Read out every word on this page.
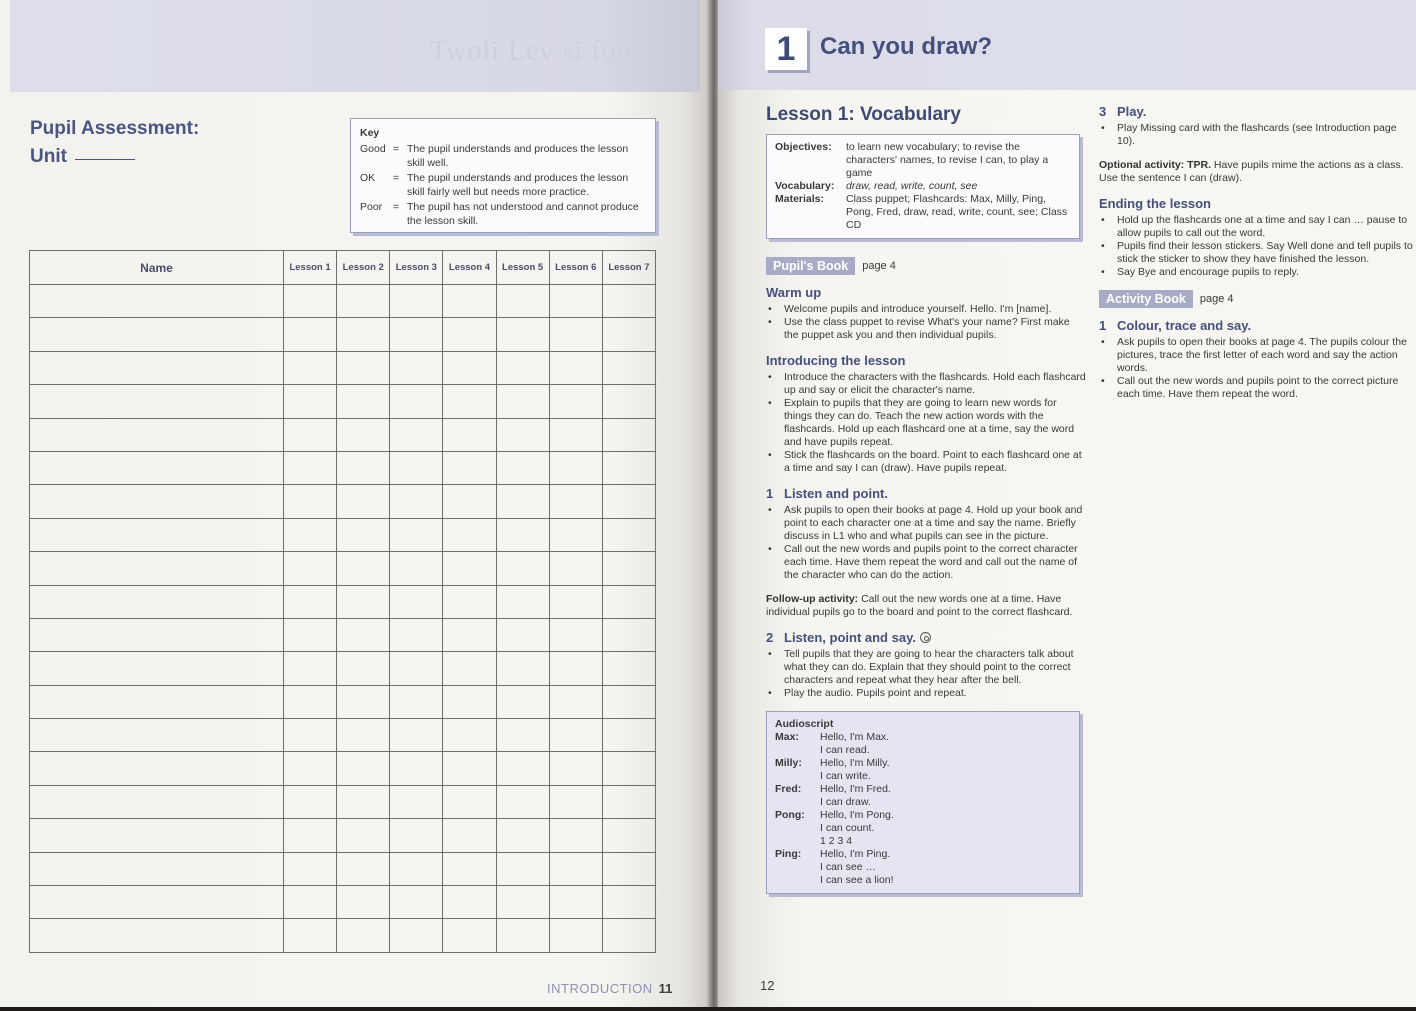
Twoli Lev si fon
Pupil Assessment:
Unit
Key
Good = The pupil understands and produces the lesson skill well.
OK	= The pupil understands and produces the lesson skill fairly well but needs more practice.
Poor	= The pupil has not understood and cannot produce the lesson skill.
Name	Lesson 1	Lesson 2	Lesson 3	Lesson 4	Lesson 5	Lesson 6	Lesson 7

INTRODUCTION 11
1	Can you draw?
Lesson 1: Vocabulary
Objectives:	to learn new vocabulary; to revise the characters' names, to revise I can, to play a game
Vocabulary:	draw, read, write, count, see
Materials:	Class puppet; Flashcards: Max, Milly, Ping, Pong, Fred, draw, read, write, count, see; Class CD
Pupil's Book	page 4
Warm up
• Welcome pupils and introduce yourself. Hello. I'm [name].
• Use the class puppet to revise What's your name? First make the puppet ask you and then individual pupils.
Introducing the lesson
• Introduce the characters with the flashcards. Hold each flashcard up and say or elicit the character's name.
• Explain to pupils that they are going to learn new words for things they can do. Teach the new action words with the flashcards. Hold up each flashcard one at a time, say the word and have pupils repeat.
• Stick the flashcards on the board. Point to each flashcard one at a time and say I can (draw). Have pupils repeat.
1 Listen and point.
• Ask pupils to open their books at page 4. Hold up your book and point to each character one at a time and say the name. Briefly discuss in L1 who and what pupils can see in the picture.
• Call out the new words and pupils point to the correct character each time. Have them repeat the word and call out the name of the character who can do the action.
Follow-up activity: Call out the new words one at a time. Have individual pupils go to the board and point to the correct flashcard.
2 Listen, point and say.
• Tell pupils that they are going to hear the characters talk about what they can do. Explain that they should point to the correct characters and repeat what they hear after the bell.
• Play the audio. Pupils point and repeat.
Audioscript
Max:	Hello, I'm Max.
I can read.
Milly:	Hello, I'm Milly.
I can write.
Fred:	Hello, I'm Fred.
I can draw.
Pong:	Hello, I'm Pong.
I can count.
1 2 3 4
Ping:	Hello, I'm Ping.
I can see …
I can see a lion!
3 Play.
• Play Missing card with the flashcards (see Introduction page 10).
Optional activity: TPR. Have pupils mime the actions as a class. Use the sentence I can (draw).
Ending the lesson
• Hold up the flashcards one at a time and say I can … pause to allow pupils to call out the word.
• Pupils find their lesson stickers. Say Well done and tell pupils to stick the sticker to show they have finished the lesson.
• Say Bye and encourage pupils to reply.
Activity Book	page 4
1 Colour, trace and say.
• Ask pupils to open their books at page 4. The pupils colour the pictures, trace the first letter of each word and say the action words.
• Call out the new words and pupils point to the correct picture each time. Have them repeat the word.
12
